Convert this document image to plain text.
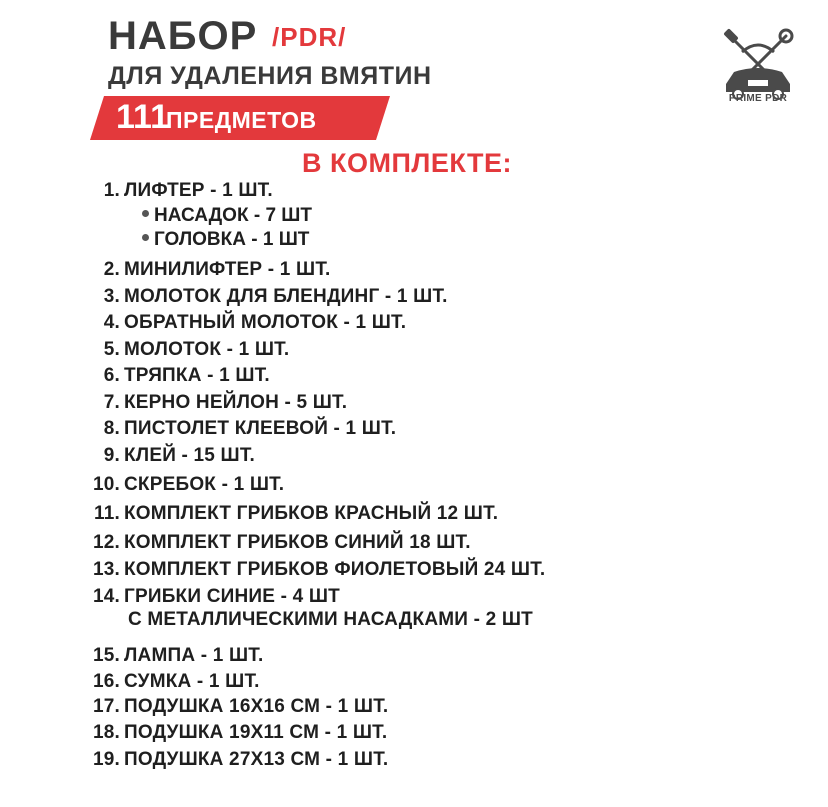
НАБОР /PDR/
ДЛЯ УДАЛЕНИЯ ВМЯТИН
111
ПРЕДМЕТОВ
В КОМПЛЕКТЕ:
PRIME PDR
1. ЛИФТЕР - 1 ШТ.
НАСАДОК - 7 ШТ
ГОЛОВКА - 1 ШТ
2. МИНИЛИФТЕР - 1 ШТ.
3. МОЛОТОК ДЛЯ БЛЕНДИНГ - 1 ШТ.
4. ОБРАТНЫЙ МОЛОТОК - 1 ШТ.
5. МОЛОТОК - 1 ШТ.
6. ТРЯПКА - 1 ШТ.
7. КЕРНО НЕЙЛОН - 5 ШТ.
8. ПИСТОЛЕТ КЛЕЕВОЙ - 1 ШТ.
9. КЛЕЙ - 15 ШТ.
10. СКРЕБОК - 1 ШТ.
11. КОМПЛЕКТ ГРИБКОВ КРАСНЫЙ 12 ШТ.
12. КОМПЛЕКТ ГРИБКОВ СИНИЙ 18 ШТ.
13. КОМПЛЕКТ ГРИБКОВ ФИОЛЕТОВЫЙ 24 ШТ.
14. ГРИБКИ СИНИЕ - 4 ШТ
С МЕТАЛЛИЧЕСКИМИ НАСАДКАМИ - 2 ШТ
15. ЛАМПА - 1 ШТ.
16. СУМКА - 1 ШТ.
17. ПОДУШКА 16Х16 СМ - 1 ШТ.
18. ПОДУШКА 19Х11 СМ - 1 ШТ.
19. ПОДУШКА 27Х13 СМ - 1 ШТ.
